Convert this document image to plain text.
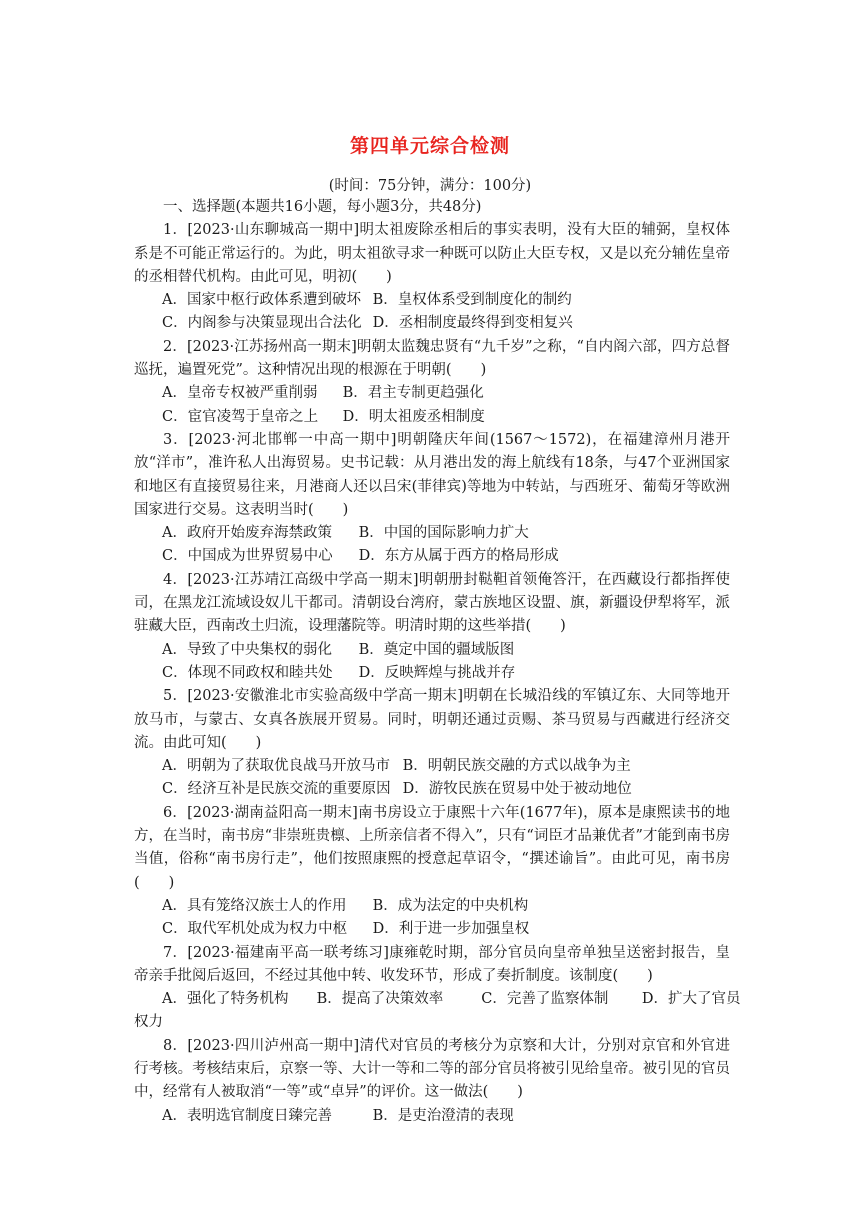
第四单元综合检测
(时间：75分钟，满分：100分)

一、选择题(本题共16小题，每小题3分，共48分)

1．[2023·山东聊城高一期中]明太祖废除丞相后的事实表明，没有大臣的辅弼，皇权体系是不可能正常运行的。为此，明太祖欲寻求一种既可以防止大臣专权，又是以充分辅佐皇帝的丞相替代机构。由此可见，明初(　　)

A．国家中枢行政体系遭到破坏 B．皇权体系受到制度化的制约

C．内阁参与决策显现出合法化 D．丞相制度最终得到变相复兴

2．[2023·江苏扬州高一期末]明朝太监魏忠贤有“九千岁”之称，“自内阁六部，四方总督巡抚，遍置死党”。这种情况出现的根源在于明朝(　　)

A．皇帝专权被严重削弱 B．君主专制更趋强化

C．宦官凌驾于皇帝之上 D．明太祖废丞相制度

3．[2023·河北邯郸一中高一期中]明朝隆庆年间(1567～1572)，在福建漳州月港开放“洋市”，准许私人出海贸易。史书记载：从月港出发的海上航线有18条，与47个亚洲国家和地区有直接贸易往来，月港商人还以吕宋(菲律宾)等地为中转站，与西班牙、葡萄牙等欧洲国家进行交易。这表明当时(　　)

A．政府开始废弃海禁政策 B．中国的国际影响力扩大

C．中国成为世界贸易中心 D．东方从属于西方的格局形成

4．[2023·江苏靖江高级中学高一期末]明朝册封鞑靼首领俺答汗，在西藏设行都指挥使司，在黑龙江流域设奴儿干都司。清朝设台湾府，蒙古族地区设盟、旗，新疆设伊犁将军，派驻藏大臣，西南改土归流，设理藩院等。明清时期的这些举措(　　)

A．导致了中央集权的弱化 B．奠定中国的疆域版图

C．体现不同政权和睦共处 D．反映辉煌与挑战并存

5．[2023·安徽淮北市实验高级中学高一期末]明朝在长城沿线的军镇辽东、大同等地开放马市，与蒙古、女真各族展开贸易。同时，明朝还通过贡赐、茶马贸易与西藏进行经济交流。由此可知(　　)

A．明朝为了获取优良战马开放马市 B．明朝民族交融的方式以战争为主

C．经济互补是民族交流的重要原因 D．游牧民族在贸易中处于被动地位

6．[2023·湖南益阳高一期末]南书房设立于康熙十六年(1677年)，原本是康熙读书的地方，在当时，南书房“非崇班贵檩、上所亲信者不得入”，只有“词臣才品兼优者”才能到南书房当值，俗称“南书房行走”，他们按照康熙的授意起草诏令，“撰述谕旨”。由此可见，南书房(　　)

A．具有笼络汉族士人的作用 B．成为法定的中央机构

C．取代军机处成为权力中枢 D．利于进一步加强皇权

7．[2023·福建南平高一联考练习]康雍乾时期，部分官员向皇帝单独呈送密封报告，皇帝亲手批阅后返回，不经过其他中转、收发环节，形成了奏折制度。该制度(　　)

A．强化了特务机构 B．提高了决策效率	C．完善了监察体制 D．扩大了官员

权力

8．[2023·四川泸州高一期中]清代对官员的考核分为京察和大计，分别对京官和外官进行考核。考核结束后，京察一等、大计一等和二等的部分官员将被引见给皇帝。被引见的官员中，经常有人被取消“一等”或“卓异”的评价。这一做法(　　)

A．表明选官制度日臻完善	B．是吏治澄清的表现
